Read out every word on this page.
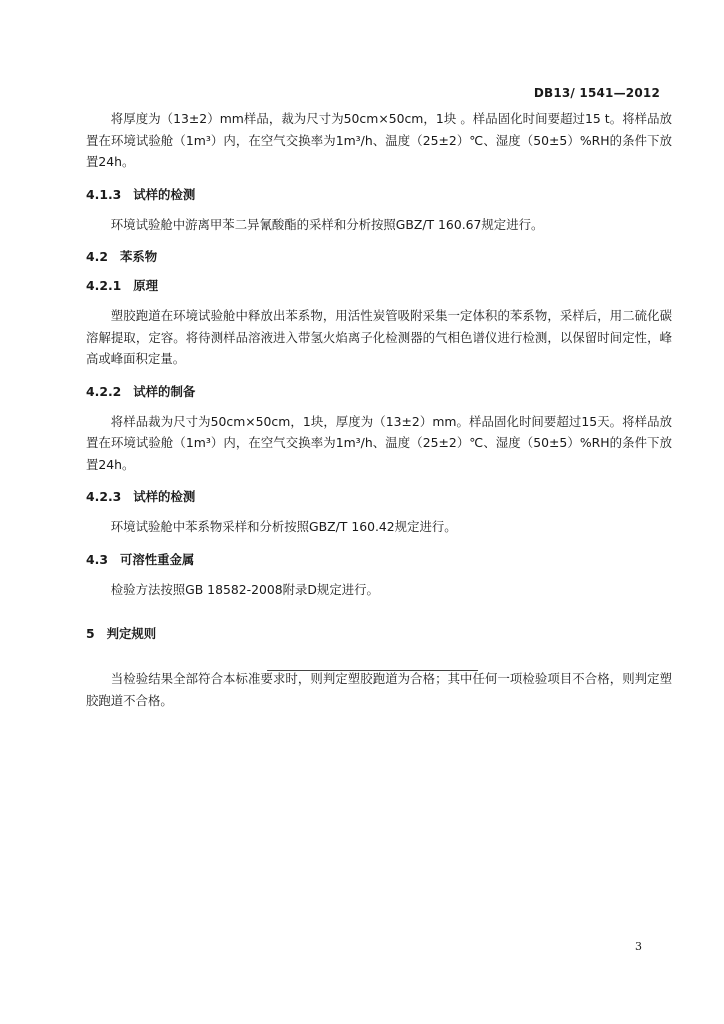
DB13/ 1541—2012

将厚度为（13±2）mm样品，裁为尺寸为50cm×50cm，1块 。样品固化时间要超过15 t。将样品放置在环境试验舱（1m³）内，在空气交换率为1m³/h、温度（25±2）℃、湿度（50±5）%RH的条件下放置24h。

4.1.3 试样的检测

环境试验舱中游离甲苯二异氰酸酯的采样和分析按照GBZ/T 160.67规定进行。

4.2 苯系物
4.2.1 原理

塑胶跑道在环境试验舱中释放出苯系物，用活性炭管吸附采集一定体积的苯系物，采样后，用二硫化碳溶解提取，定容。将待测样品溶液进入带氢火焰离子化检测器的气相色谱仪进行检测，以保留时间定性，峰高或峰面积定量。

4.2.2 试样的制备

将样品裁为尺寸为50cm×50cm，1块，厚度为（13±2）mm。样品固化时间要超过15天。将样品放置在环境试验舱（1m³）内，在空气交换率为1m³/h、温度（25±2）℃、湿度（50±5）%RH的条件下放置24h。

4.2.3 试样的检测

环境试验舱中苯系物采样和分析按照GBZ/T 160.42规定进行。

4.3 可溶性重金属

检验方法按照GB 18582-2008附录D规定进行。

5 判定规则

当检验结果全部符合本标准要求时，则判定塑胶跑道为合格；其中任何一项检验项目不合格，则判定塑胶跑道不合格。

3
